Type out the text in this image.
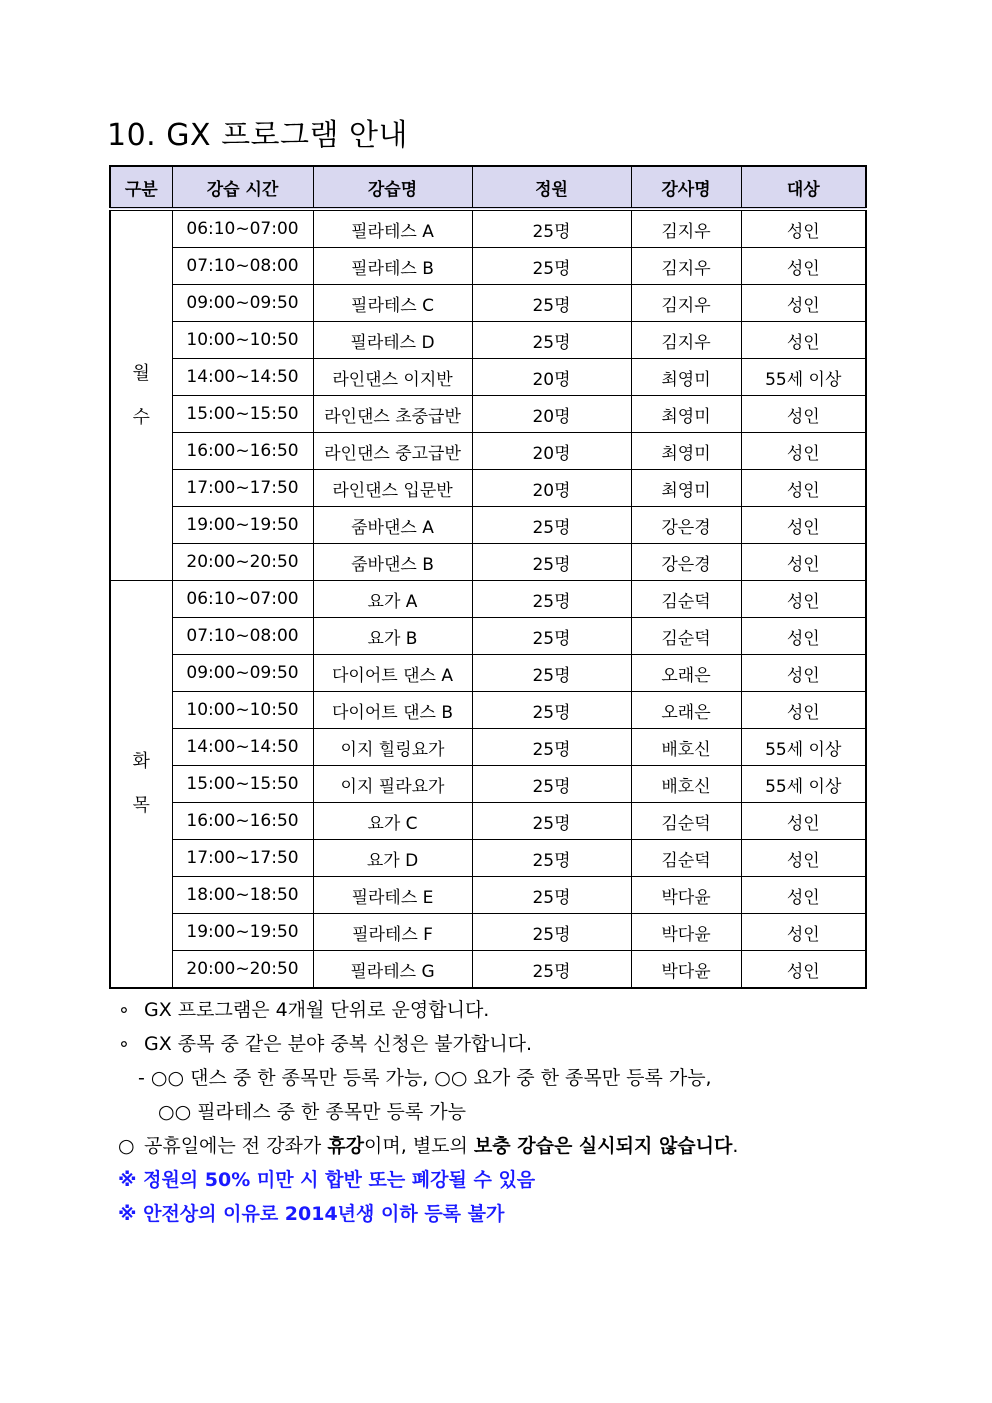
10. GX 프로그램 안내
구분	강습 시간	강습명	정원	강사명	대상

월
수	06:10~07:00	필라테스 A	25명	김지우	성인
	07:10~08:00	필라테스 B	25명	김지우	성인
	09:00~09:50	필라테스 C	25명	김지우	성인
	10:00~10:50	필라테스 D	25명	김지우	성인
	14:00~14:50	라인댄스 이지반	20명	최영미	55세 이상
	15:00~15:50	라인댄스 초중급반	20명	최영미	성인
	16:00~16:50	라인댄스 중고급반	20명	최영미	성인
	17:00~17:50	라인댄스 입문반	20명	최영미	성인
	19:00~19:50	줌바댄스 A	25명	강은경	성인
	20:00~20:50	줌바댄스 B	25명	강은경	성인

화
목	06:10~07:00	요가 A	25명	김순덕	성인
	07:10~08:00	요가 B	25명	김순덕	성인
	09:00~09:50	다이어트 댄스 A	25명	오래은	성인
	10:00~10:50	다이어트 댄스 B	25명	오래은	성인
	14:00~14:50	이지 힐링요가	25명	배호신	55세 이상
	15:00~15:50	이지 필라요가	25명	배호신	55세 이상
	16:00~16:50	요가 C	25명	김순덕	성인
	17:00~17:50	요가 D	25명	김순덕	성인
	18:00~18:50	필라테스 E	25명	박다윤	성인
	19:00~19:50	필라테스 F	25명	박다윤	성인
	20:00~20:50	필라테스 G	25명	박다윤	성인
∘ GX 프로그램은 4개월 단위로 운영합니다.
∘ GX 종목 중 같은 분야 중복 신청은 불가합니다.
- ○○ 댄스 중 한 종목만 등록 가능, ○○ 요가 중 한 종목만 등록 가능,
○○ 필라테스 중 한 종목만 등록 가능
○ 공휴일에는 전 강좌가 휴강이며, 별도의 보충 강습은 실시되지 않습니다.
※ 정원의 50% 미만 시 합반 또는 폐강될 수 있음
※ 안전상의 이유로 2014년생 이하 등록 불가
